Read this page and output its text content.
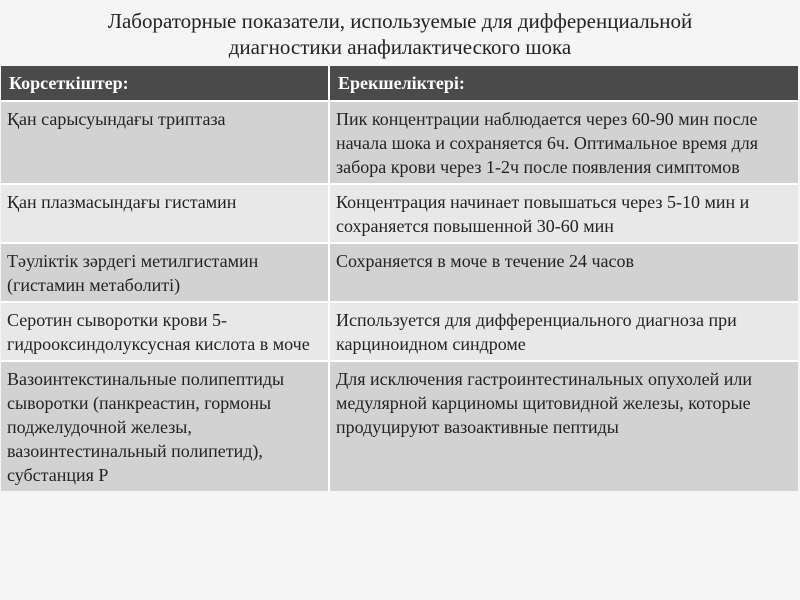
Лабораторные показатели, используемые для дифференциальной
диагностики анафилактического шока
Корсеткіштер:	Ерекшеліктері:
Қан сарысуындағы триптаза	Пик концентрации наблюдается через 60-90 мин после начала шока и сохраняется 6ч. Оптимальное время для забора крови через 1-2ч после появления симптомов
Қан плазмасындағы гистамин	Концентрация начинает повышаться через 5-10 мин и сохраняется повышенной 30-60 мин
Тәуліктік зәрдегі метилгистамин (гистамин метаболиті)	Сохраняется в моче в течение 24 часов
Серотин сыворотки крови 5-гидрооксиндолуксусная кислота в моче	Используется для дифференциального диагноза при карциноидном синдроме
Вазоинтекстинальные полипептиды сыворотки (панкреастин, гормоны поджелудочной железы, вазоинтестинальный полипетид), субстанция Р	Для исключения гастроинтестинальных опухолей или медулярной карциномы щитовидной железы, которые продуцируют вазоактивные пептиды
